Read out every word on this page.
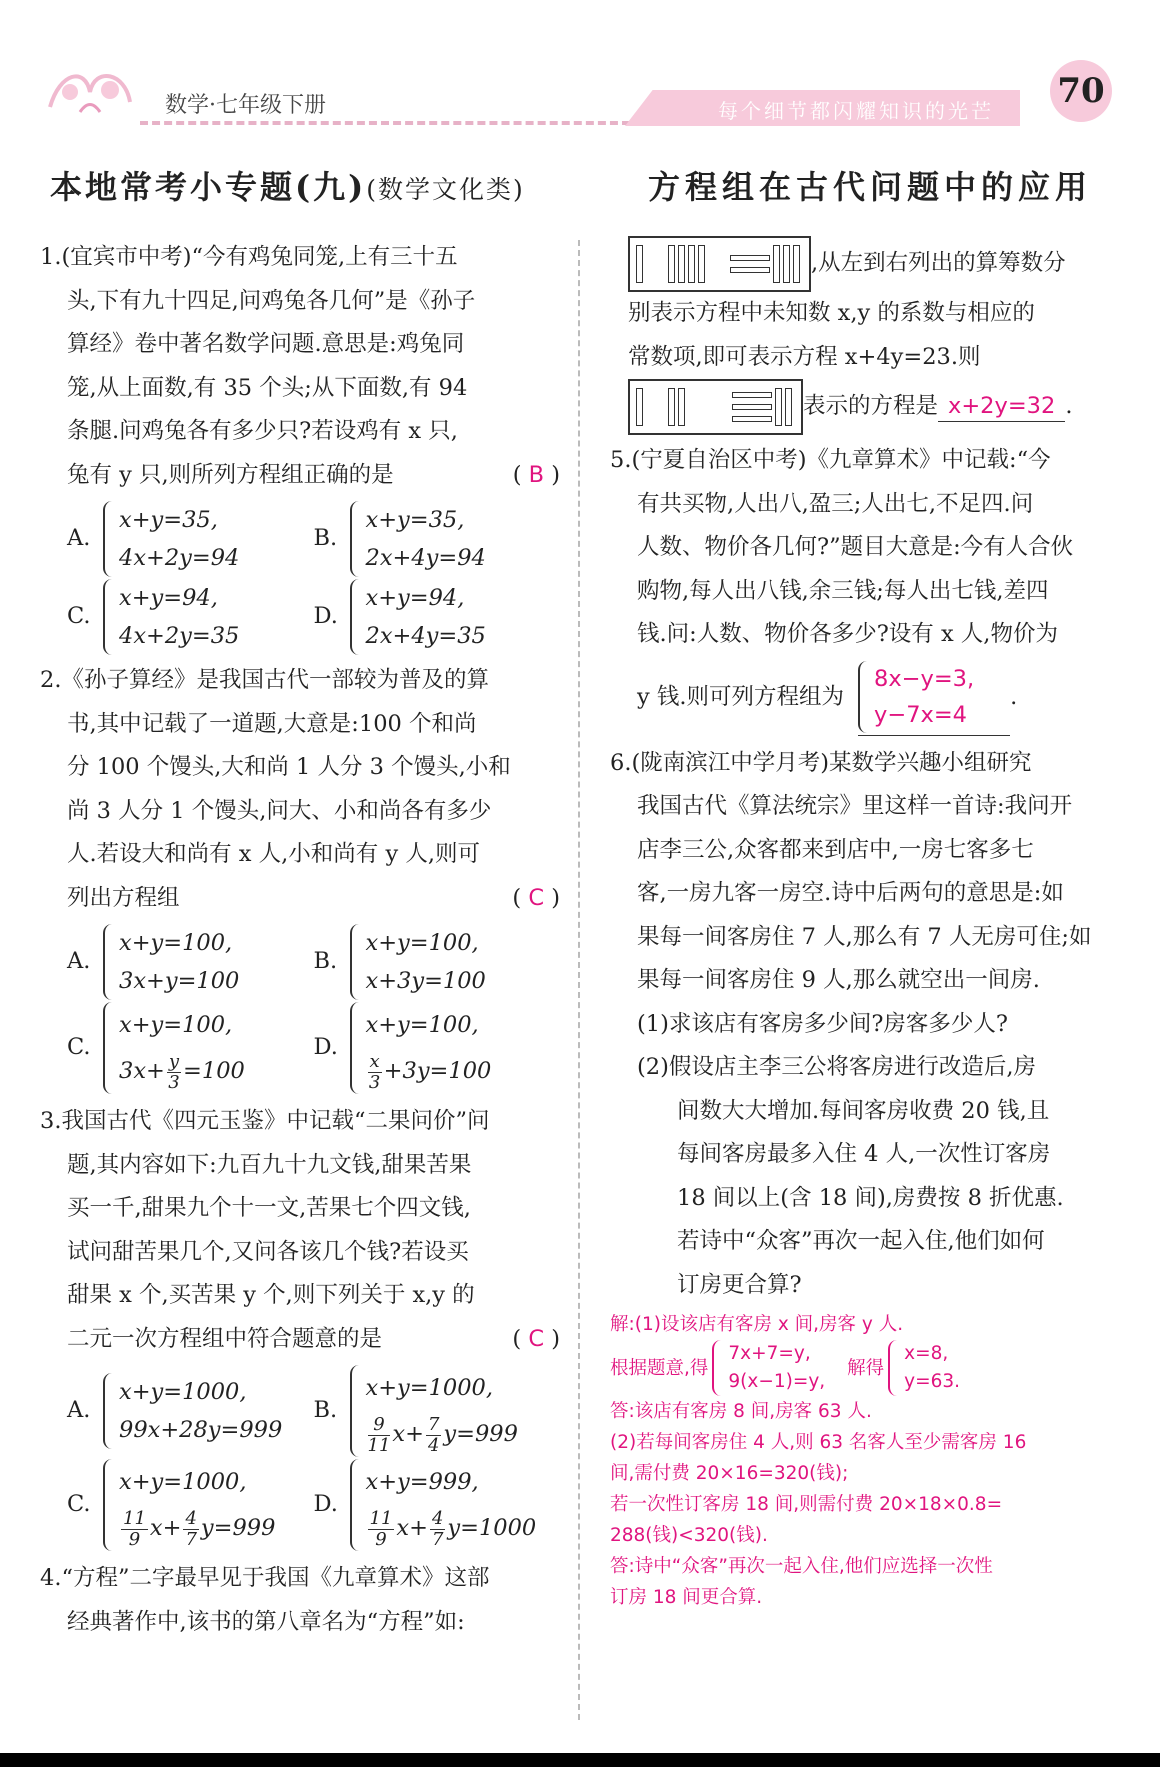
数学·七年级下册	每个细节都闪耀知识的光芒 70
本地常考小专题(九)(数学文化类)	方程组在古代问题中的应用

1.(宜宾市中考)“今有鸡兔同笼,上有三十五

头,下有九十四足,问鸡兔各几何”是《孙子

算经》卷中著名数学问题.意思是:鸡兔同

笼,从上面数,有 35 个头;从下面数,有 94

条腿.问鸡兔各有多少只?若设鸡有 x 只,

兔有 y 只,则所列方程组正确的是	( B )

A.
x+y=35,
4x+2y=94
B.
x+y=35,
2x+4y=94
C.
x+y=94,
4x+2y=35
D.
x+y=94,
2x+4y=35

2.《孙子算经》是我国古代一部较为普及的算

书,其中记载了一道题,大意是:100 个和尚

分 100 个馒头,大和尚 1 人分 3 个馒头,小和

尚 3 人分 1 个馒头,问大、小和尚各有多少

人.若设大和尚有 x 人,小和尚有 y 人,则可

列出方程组	( C )

A.
x+y=100,
3x+y=100
B.
x+y=100,
x+3y=100
C.
x+y=100,
$3x+ \frac{y}{3} =100$
D.
x+y=100,
$\frac{x}{3} +3y=100$

3.我国古代《四元玉鉴》中记载“二果问价”问

题,其内容如下:九百九十九文钱,甜果苦果

买一千,甜果九个十一文,苦果七个四文钱,

试问甜苦果几个,又问各该几个钱?若设买

甜果 x 个,买苦果 y 个,则下列关于 x,y 的

二元一次方程组中符合题意的是	( C )

A.
x+y=1000,
99x+28y=999
B.
x+y=1000,
$\frac{9}{11} x+ \frac{7}{4} y=999$
C.
x+y=1000,
$\frac{11}{9} x+ \frac{4}{7} y=999$
D.
x+y=999,
$\frac{11}{9} x+ \frac{4}{7} y=1000$

4.“方程”二字最早见于我国《九章算术》这部

经典著作中,该书的第八章名为“方程”如:

,从左到右列出的算筹数分

别表示方程中未知数 x,y 的系数与相应的

常数项,即可表示方程 x+4y=23.则

表示的方程是 x+2y=32 .

5.(宁夏自治区中考)《九章算术》中记载:“今

有共买物,人出八,盈三;人出七,不足四.问

人数、物价各几何?”题目大意是:今有人合伙

购物,每人出八钱,余三钱;每人出七钱,差四

钱.问:人数、物价各多少?设有 x 人,物价为

y 钱.则可列方程组为
8x−y=3,
y−7x=4
.

6.(陇南滨江中学月考)某数学兴趣小组研究

我国古代《算法统宗》里这样一首诗:我问开

店李三公,众客都来到店中,一房七客多七

客,一房九客一房空.诗中后两句的意思是:如

果每一间客房住 7 人,那么有 7 人无房可住;如

果每一间客房住 9 人,那么就空出一间房.

(1)求该店有客房多少间?房客多少人?

(2)假设店主李三公将客房进行改造后,房

间数大大增加.每间客房收费 20 钱,且

每间客房最多入住 4 人,一次性订客房

18 间以上(含 18 间),房费按 8 折优惠.

若诗中“众客”再次一起入住,他们如何

订房更合算?

解:(1)设该店有客房 x 间,房客 y 人.

根据题意,得
7x+7=y,
9(x−1)=y,
解得
x=8,
y=63.

答:该店有客房 8 间,房客 63 人.

(2)若每间客房住 4 人,则 63 名客人至少需客房 16

间,需付费 20×16=320(钱);

若一次性订客房 18 间,则需付费 20×18×0.8=

288(钱)<320(钱).

答:诗中“众客”再次一起入住,他们应选择一次性

订房 18 间更合算.
